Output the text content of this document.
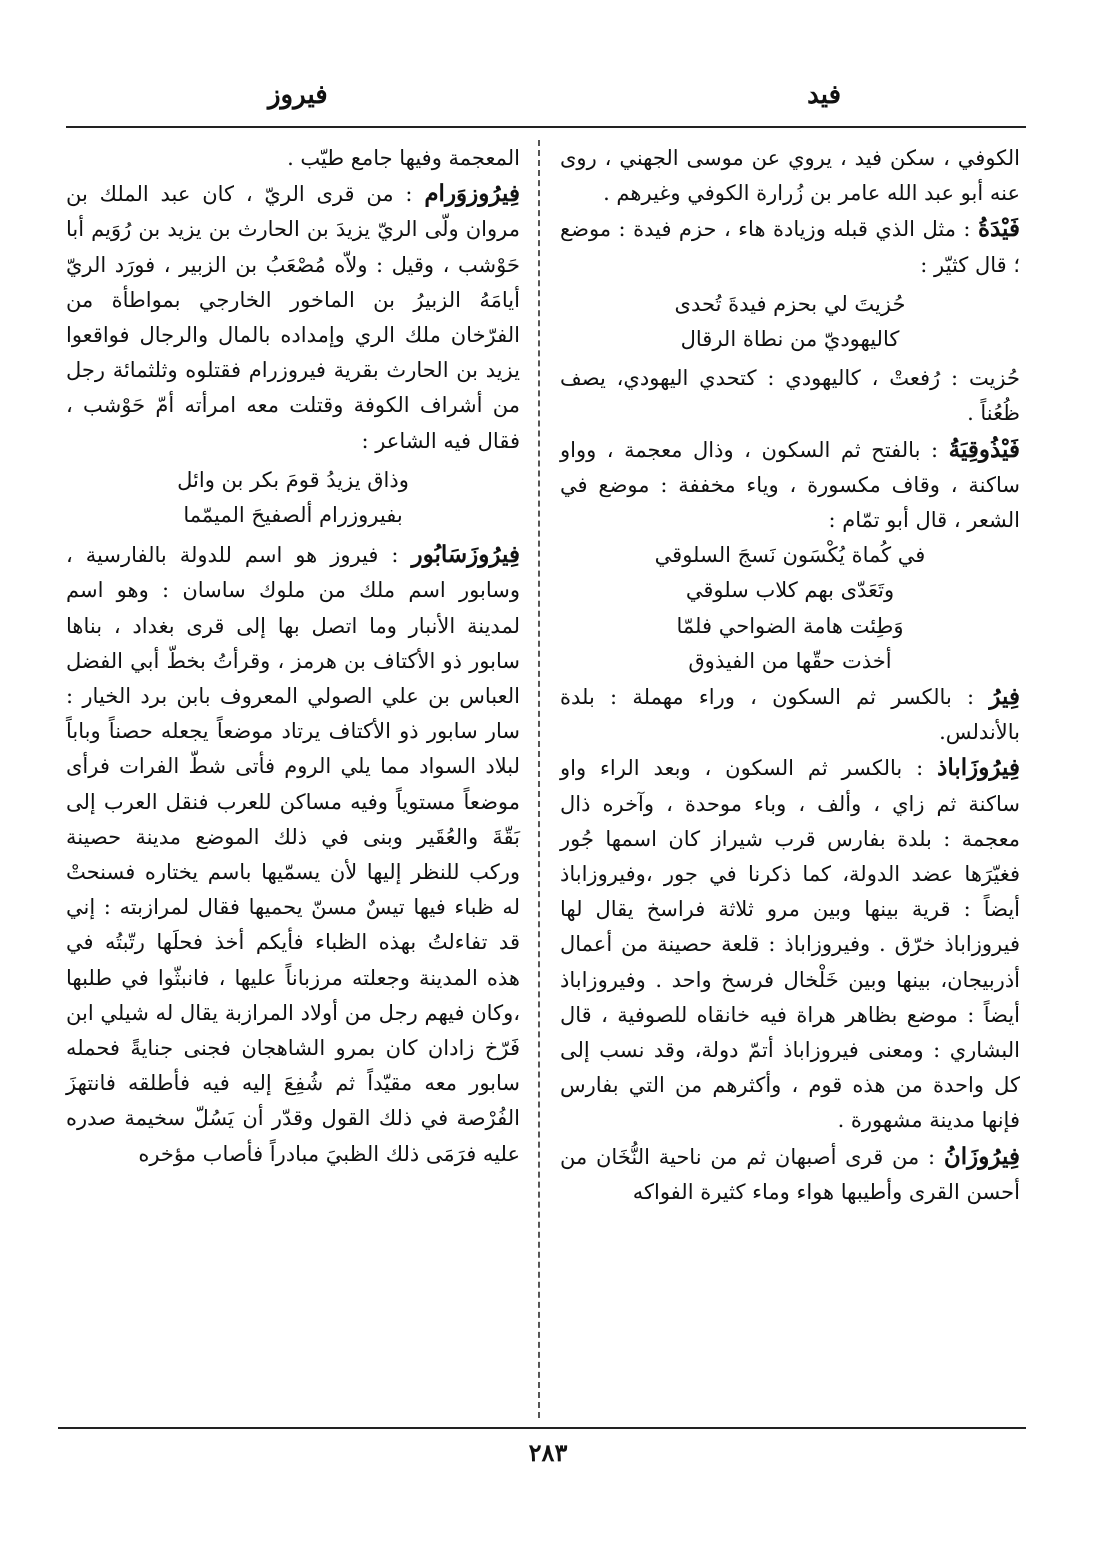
فيد
فيروز

الكوفي ، سكن فيد ، يروي عن موسى الجهني ، روى عنه أبو عبد الله عامر بن زُرارة الكوفي وغيرهم .

فَيْدَةُ : مثل الذي قبله وزيادة هاء ، حزم فيدة : موضع ؛ قال كثيّر :

حُزيتَ لي بحزم فيدةَ تُحدى
كاليهوديّ من نطاة الرقال

حُزيت : رُفعتْ ، كاليهودي : كتحدي اليهودي، يصف ظُعُناً .

فَيْذُوقِيَةُ : بالفتح ثم السكون ، وذال معجمة ، وواو ساكنة ، وقاف مكسورة ، وياء مخففة : موضع في الشعر ، قال أبو تمّام :

في كُماة يُكْسَون نَسجَ السلوقي
وتَعَدّى بهم كلاب سلوقي
وَطِئت هامة الضواحي فلمّا
أخذت حقّها من الفيذوق

فِيرُ : بالكسر ثم السكون ، وراء مهملة : بلدة بالأندلس.

فِيرُوزَاباذ : بالكسر ثم السكون ، وبعد الراء واو ساكنة ثم زاي ، وألف ، وباء موحدة ، وآخره ذال معجمة : بلدة بفارس قرب شيراز كان اسمها جُور فغيّرَها عضد الدولة، كما ذكرنا في جور ،وفيروزاباذ أيضاً : قرية بينها وبين مرو ثلاثة فراسخ يقال لها فيروزاباذ خرّق . وفيروزاباذ : قلعة حصينة من أعمال أذربيجان، بينها وبين خَلْخال فرسخ واحد . وفيروزاباذ أيضاً : موضع بظاهر هراة فيه خانقاه للصوفية ، قال البشاري : ومعنى فيروزاباذ أتمّ دولة، وقد نسب إلى كل واحدة من هذه قوم ، وأكثرهم من التي بفارس فإنها مدينة مشهورة .

فِيرُوزَانُ : من قرى أصبهان ثم من ناحية النُّخَان من أحسن القرى وأطيبها هواء وماء كثيرة الفواكه

المعجمة وفيها جامع طيّب .

فِيرُوزوَرام : من قرى الريّ ، كان عبد الملك بن مروان ولّى الريّ يزيدَ بن الحارث بن يزيد بن رُوَيم أبا حَوْشب ، وقيل : ولاّه مُصْعَبُ بن الزبير ، فورَد الريّ أيامَهُ الزبيرُ بن الماخور الخارجي بمواطأة من الفرّخان ملك الري وإمداده بالمال والرجال فواقعوا يزيد بن الحارث بقرية فيروزرام فقتلوه وثلثمائة رجل من أشراف الكوفة وقتلت معه امرأته أمّ حَوْشب ، فقال فيه الشاعر :

وذاق يزيدُ قومَ بكر بن وائل
بفيروزرام ألصفيحَ الميمّما

فِيرُوزَسَابُور : فيروز هو اسم للدولة بالفارسية ، وسابور اسم ملك من ملوك ساسان : وهو اسم لمدينة الأنبار وما اتصل بها إلى قرى بغداد ، بناها سابور ذو الأكتاف بن هرمز ، وقرأتُ بخطّ أبي الفضل العباس بن علي الصولي المعروف بابن برد الخيار : سار سابور ذو الأكتاف يرتاد موضعاً يجعله حصناً وباباً لبلاد السواد مما يلي الروم فأتى شطّ الفرات فرأى موضعاً مستوياً وفيه مساكن للعرب فنقل العرب إلى بَقّةَ والعُقَير وبنى في ذلك الموضع مدينة حصينة وركب للنظر إليها لأن يسمّيها باسم يختاره فسنحتْ له ظباء فيها تيسٌ مسنّ يحميها فقال لمرازبته : إني قد تفاءلتُ بهذه الظباء فأيكم أخذ فحلَها رتّبتُه في هذه المدينة وجعلته مرزباناً عليها ، فانبثّوا في طلبها ،وكان فيهم رجل من أولاد المرازبة يقال له شيلي ابن فَرّخ زادان كان بمرو الشاهجان فجنى جنايةً فحمله سابور معه مقيّداً ثم شُفِعَ إليه فيه فأطلقه فانتهزَ الفُرْصة في ذلك القول وقدّر أن يَسُلّ سخيمة صدره عليه فرَمَى ذلك الظبيَ مبادراً فأصاب مؤخره

٢٨٣
